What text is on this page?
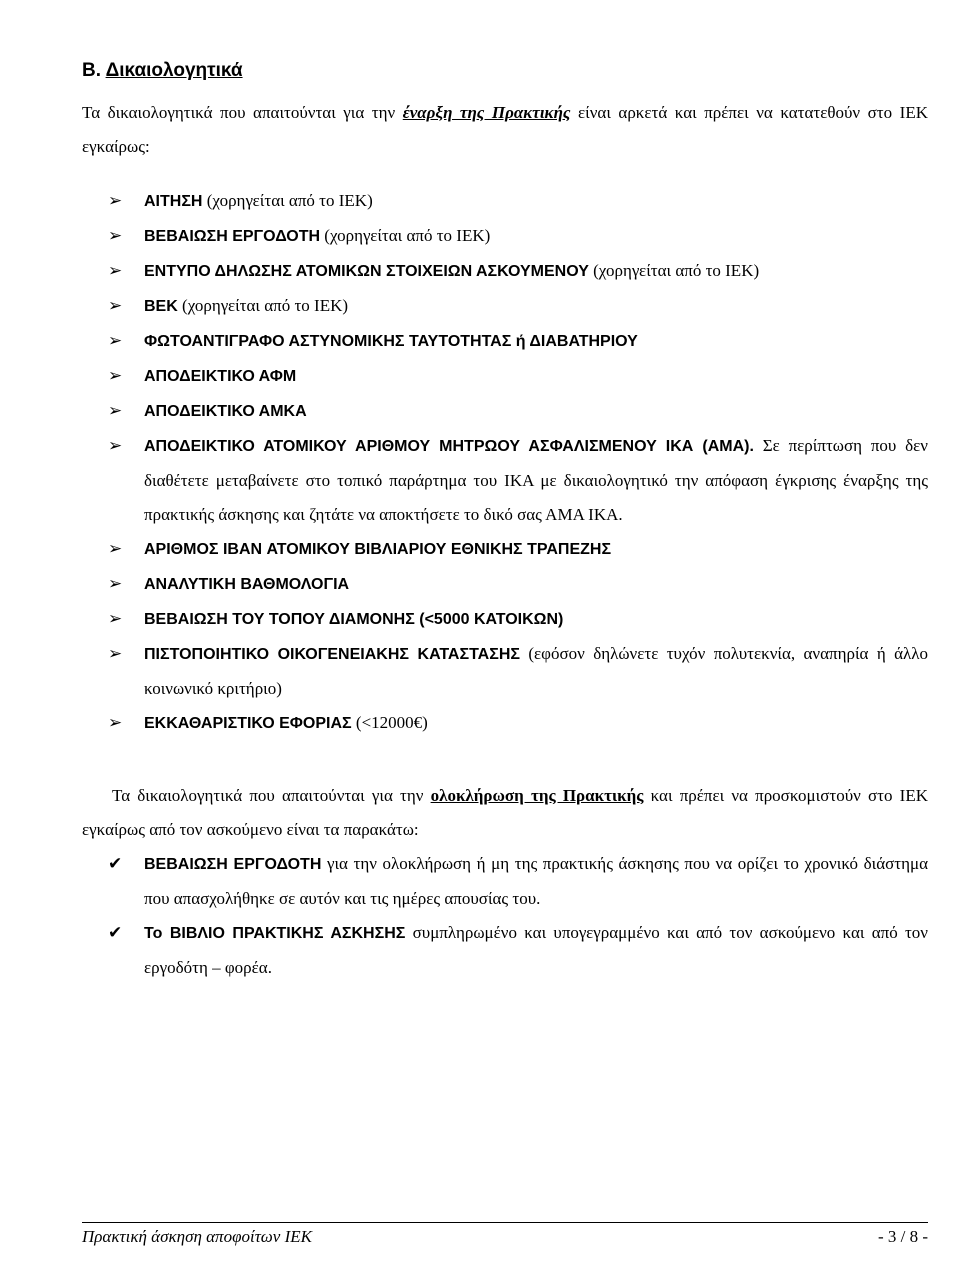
Β. Δικαιολογητικά

Τα δικαιολογητικά που απαιτούνται για την έναρξη της Πρακτικής είναι αρκετά και πρέπει να κατατεθούν στο ΙΕΚ εγκαίρως:

➢ ΑΙΤΗΣΗ (χορηγείται από το ΙΕΚ)
➢ ΒΕΒΑΙΩΣΗ ΕΡΓΟΔΟΤΗ (χορηγείται από το ΙΕΚ)
➢ ΕΝΤΥΠΟ ΔΗΛΩΣΗΣ ΑΤΟΜΙΚΩΝ ΣΤΟΙΧΕΙΩΝ ΑΣΚΟΥΜΕΝΟΥ (χορηγείται από το ΙΕΚ)
➢ ΒΕΚ (χορηγείται από το ΙΕΚ)
➢ ΦΩΤΟΑΝΤΙΓΡΑΦΟ ΑΣΤΥΝΟΜΙΚΗΣ ΤΑΥΤΟΤΗΤΑΣ ή ΔΙΑΒΑΤΗΡΙΟΥ
➢ ΑΠΟΔΕΙΚΤΙΚΟ ΑΦΜ
➢ ΑΠΟΔΕΙΚΤΙΚΟ ΑΜΚΑ
➢ ΑΠΟΔΕΙΚΤΙΚΟ ΑΤΟΜΙΚΟΥ ΑΡΙΘΜΟΥ ΜΗΤΡΩΟΥ ΑΣΦΑΛΙΣΜΕΝΟΥ ΙΚΑ (ΑΜΑ). Σε περίπτωση που δεν διαθέτετε μεταβαίνετε στο τοπικό παράρτημα του ΙΚΑ με δικαιολογητικό την απόφαση έγκρισης έναρξης της πρακτικής άσκησης και ζητάτε να αποκτήσετε το δικό σας ΑΜΑ ΙΚΑ.
➢ ΑΡΙΘΜΟΣ IBAN ΑΤΟΜΙΚΟΥ ΒΙΒΛΙΑΡΙΟΥ ΕΘΝΙΚΗΣ ΤΡΑΠΕΖΗΣ
➢ ΑΝΑΛΥΤΙΚΗ ΒΑΘΜΟΛΟΓΙΑ
➢ ΒΕΒΑΙΩΣΗ ΤΟΥ ΤΟΠΟΥ ΔΙΑΜΟΝΗΣ (<5000 ΚΑΤΟΙΚΩΝ)
➢ ΠΙΣΤΟΠΟΙΗΤΙΚΟ ΟΙΚΟΓΕΝΕΙΑΚΗΣ ΚΑΤΑΣΤΑΣΗΣ (εφόσον δηλώνετε τυχόν πολυτεκνία, αναπηρία ή άλλο κοινωνικό κριτήριο)
➢ ΕΚΚΑΘΑΡΙΣΤΙΚΟ ΕΦΟΡΙΑΣ (<12000€)

Τα δικαιολογητικά που απαιτούνται για την ολοκλήρωση της Πρακτικής και πρέπει να προσκομιστούν στο ΙΕΚ εγκαίρως από τον ασκούμενο είναι τα παρακάτω:

✔ ΒΕΒΑΙΩΣΗ ΕΡΓΟΔΟΤΗ για την ολοκλήρωση ή μη της πρακτικής άσκησης που να ορίζει το χρονικό διάστημα που απασχολήθηκε σε αυτόν και τις ημέρες απουσίας του.
✔ Το ΒΙΒΛΙΟ ΠΡΑΚΤΙΚΗΣ ΑΣΚΗΣΗΣ συμπληρωμένο και υπογεγραμμένο και από τον ασκούμενο και από τον εργοδότη – φορέα.
Πρακτική άσκηση αποφοίτων ΙΕΚ	- 3 / 8 -
